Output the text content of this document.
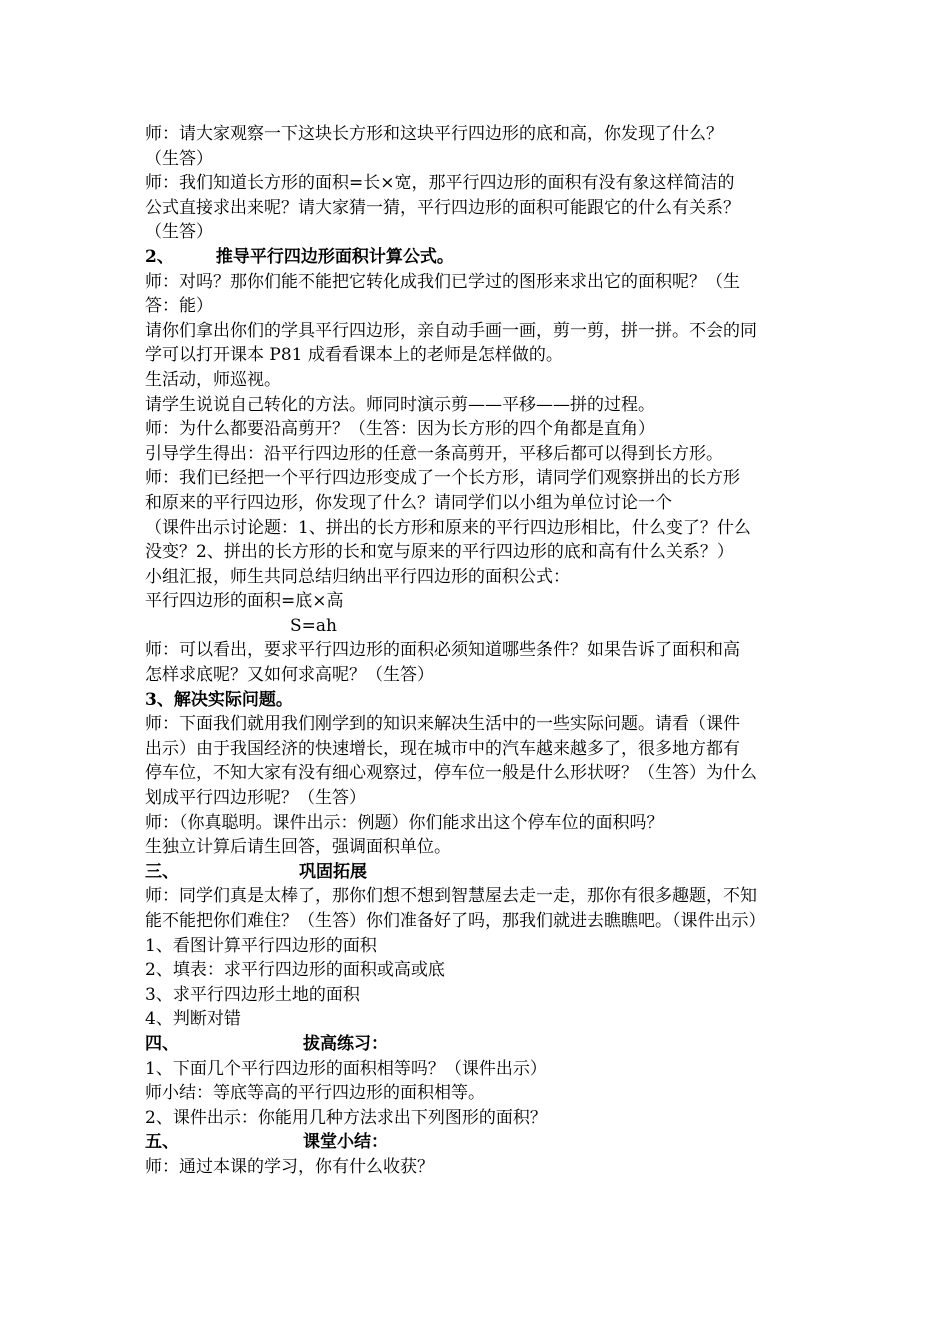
师：请大家观察一下这块长方形和这块平行四边形的底和高，你发现了什么？
（生答）
师：我们知道长方形的面积=长×宽，那平行四边形的面积有没有象这样简洁的
公式直接求出来呢？请大家猜一猜，平行四边形的面积可能跟它的什么有关系？
（生答）
2、 推导平行四边形面积计算公式。
师：对吗？那你们能不能把它转化成我们已学过的图形来求出它的面积呢？（生
答：能）
请你们拿出你们的学具平行四边形，亲自动手画一画，剪一剪，拼一拼。不会的同
学可以打开课本 P81 成看看课本上的老师是怎样做的。
生活动，师巡视。
请学生说说自己转化的方法。师同时演示剪——平移——拼的过程。
师：为什么都要沿高剪开？（生答：因为长方形的四个角都是直角）
引导学生得出：沿平行四边形的任意一条高剪开，平移后都可以得到长方形。
师：我们已经把一个平行四边形变成了一个长方形，请同学们观察拼出的长方形
和原来的平行四边形，你发现了什么？请同学们以小组为单位讨论一个
（课件出示讨论题：1、拼出的长方形和原来的平行四边形相比，什么变了？什么
没变？2、拼出的长方形的长和宽与原来的平行四边形的底和高有什么关系？）
小组汇报，师生共同总结归纳出平行四边形的面积公式：
平行四边形的面积=底×高
S=ah
师：可以看出，要求平行四边形的面积必须知道哪些条件？如果告诉了面积和高
怎样求底呢？又如何求高呢？（生答）
3、解决实际问题。
师：下面我们就用我们刚学到的知识来解决生活中的一些实际问题。请看（课件
出示）由于我国经济的快速增长，现在城市中的汽车越来越多了，很多地方都有
停车位，不知大家有没有细心观察过，停车位一般是什么形状呀？（生答）为什么
划成平行四边形呢？（生答）
师：（你真聪明。课件出示：例题）你们能求出这个停车位的面积吗？
生独立计算后请生回答，强调面积单位。
三、	巩固拓展
师：同学们真是太棒了，那你们想不想到智慧屋去走一走，那你有很多趣题，不知
能不能把你们难住？（生答）你们准备好了吗，那我们就进去瞧瞧吧。（课件出示）
1、看图计算平行四边形的面积
2、填表：求平行四边形的面积或高或底
3、求平行四边形土地的面积
4、判断对错
四、	拔高练习：
1、下面几个平行四边形的面积相等吗？（课件出示）
师小结：等底等高的平行四边形的面积相等。
2、课件出示：你能用几种方法求出下列图形的面积？
五、	课堂小结：
师：通过本课的学习，你有什么收获？
